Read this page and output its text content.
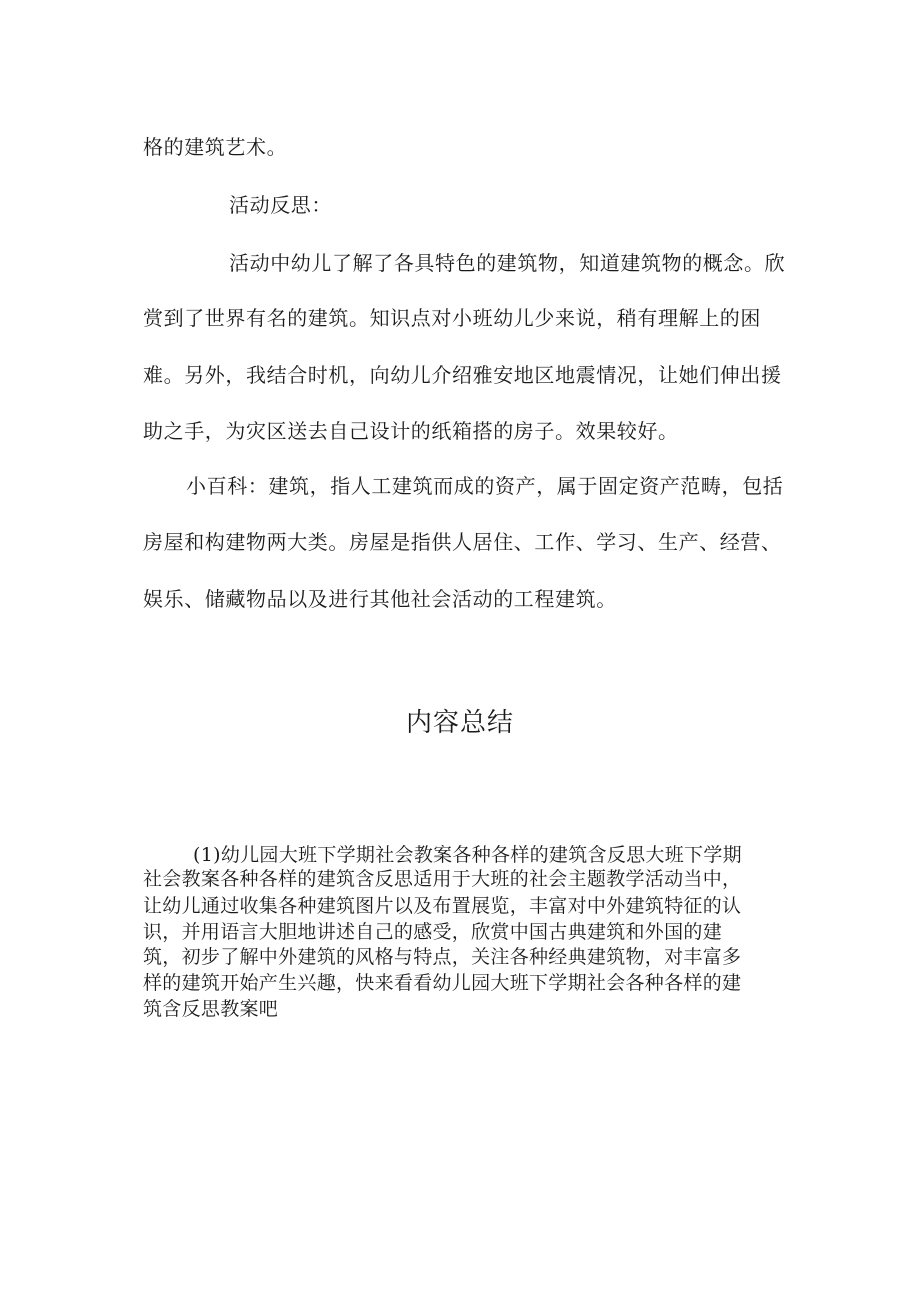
格的建筑艺术。
活动反思：
活动中幼儿了解了各具特色的建筑物，知道建筑物的概念。欣
赏到了世界有名的建筑。知识点对小班幼儿少来说，稍有理解上的困
难。另外，我结合时机，向幼儿介绍雅安地区地震情况，让她们伸出援
助之手，为灾区送去自己设计的纸箱搭的房子。效果较好。
小百科：建筑，指人工建筑而成的资产，属于固定资产范畴，包括
房屋和构建物两大类。房屋是指供人居住、工作、学习、生产、经营、
娱乐、储藏物品以及进行其他社会活动的工程建筑。
内容总结
(1)幼儿园大班下学期社会教案各种各样的建筑含反思大班下学期
社会教案各种各样的建筑含反思适用于大班的社会主题教学活动当中，
让幼儿通过收集各种建筑图片以及布置展览，丰富对中外建筑特征的认
识，并用语言大胆地讲述自己的感受，欣赏中国古典建筑和外国的建
筑，初步了解中外建筑的风格与特点，关注各种经典建筑物，对丰富多
样的建筑开始产生兴趣，快来看看幼儿园大班下学期社会各种各样的建
筑含反思教案吧
